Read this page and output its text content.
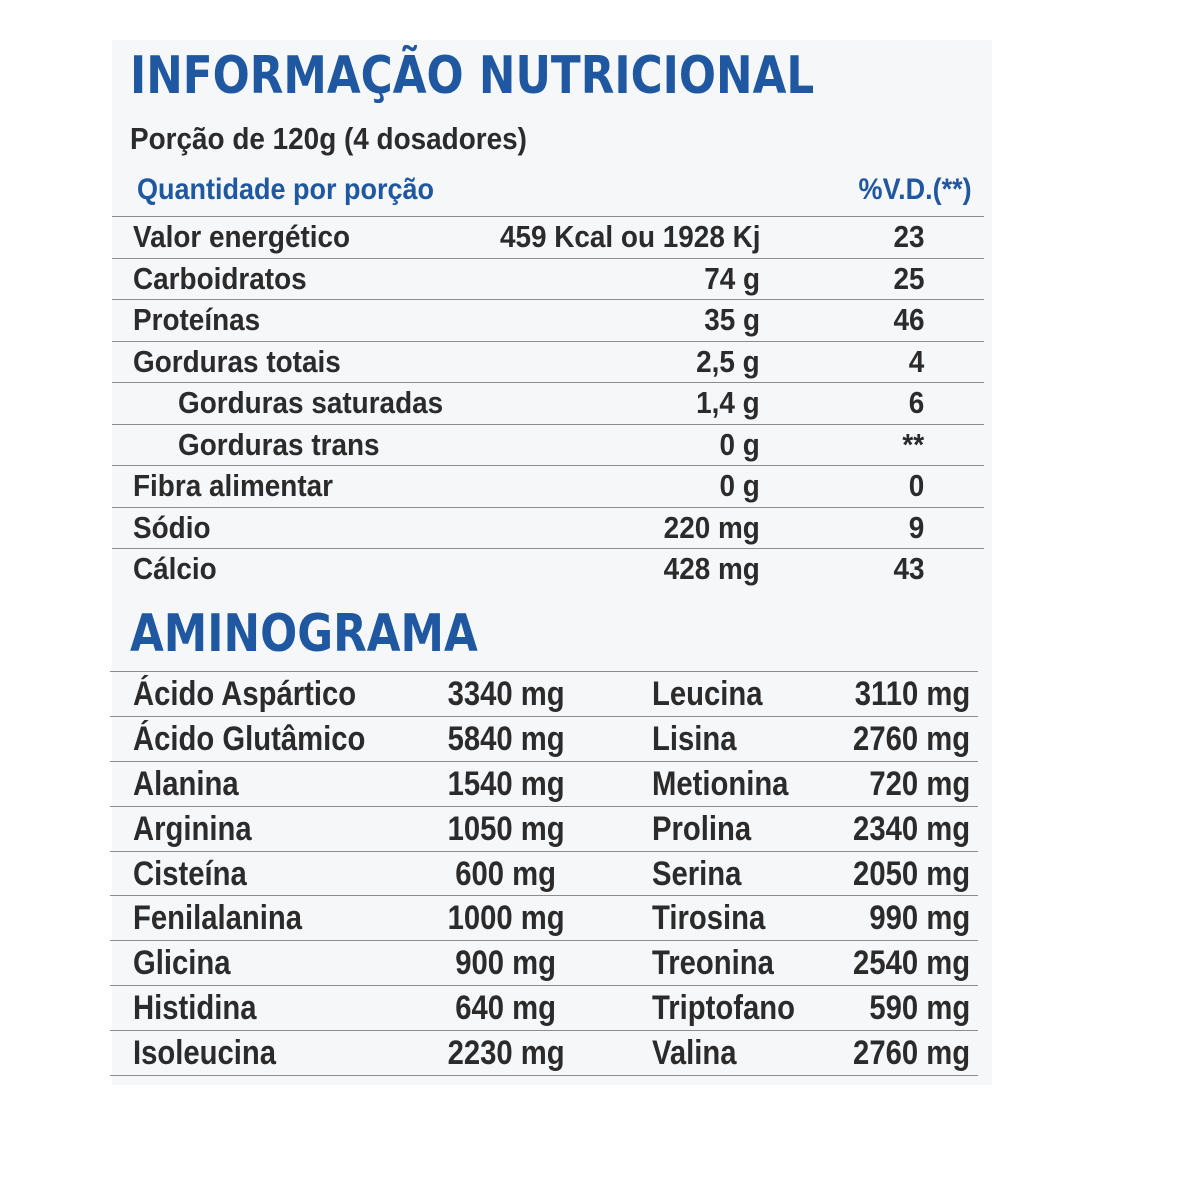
INFORMAÇÃO NUTRICIONAL
Porção de 120g (4 dosadores)
Quantidade por porção	%V.D.(**)
Valor energético	459 Kcal ou 1928 Kj	23
Carboidratos	74 g	25
Proteínas	35 g	46
Gorduras totais	2,5 g	4
Gorduras saturadas	1,4 g	6
Gorduras trans	0 g	**
Fibra alimentar	0 g	0
Sódio	220 mg	9
Cálcio	428 mg	43
AMINOGRAMA
Ácido Aspártico	3340 mg	Leucina	3110 mg
Ácido Glutâmico 5840 mg	Lisina	2760 mg
Alanina	1540 mg	Metionina 720 mg
Arginina	1050 mg	Prolina	2340 mg
Cisteína	600 mg	Serina	2050 mg
Fenilalanina	1000 mg	Tirosina	990 mg
Glicina	900 mg	Treonina 2540 mg
Histidina	640 mg	Triptofano 590 mg
Isoleucina	2230 mg	Valina	2760 mg
